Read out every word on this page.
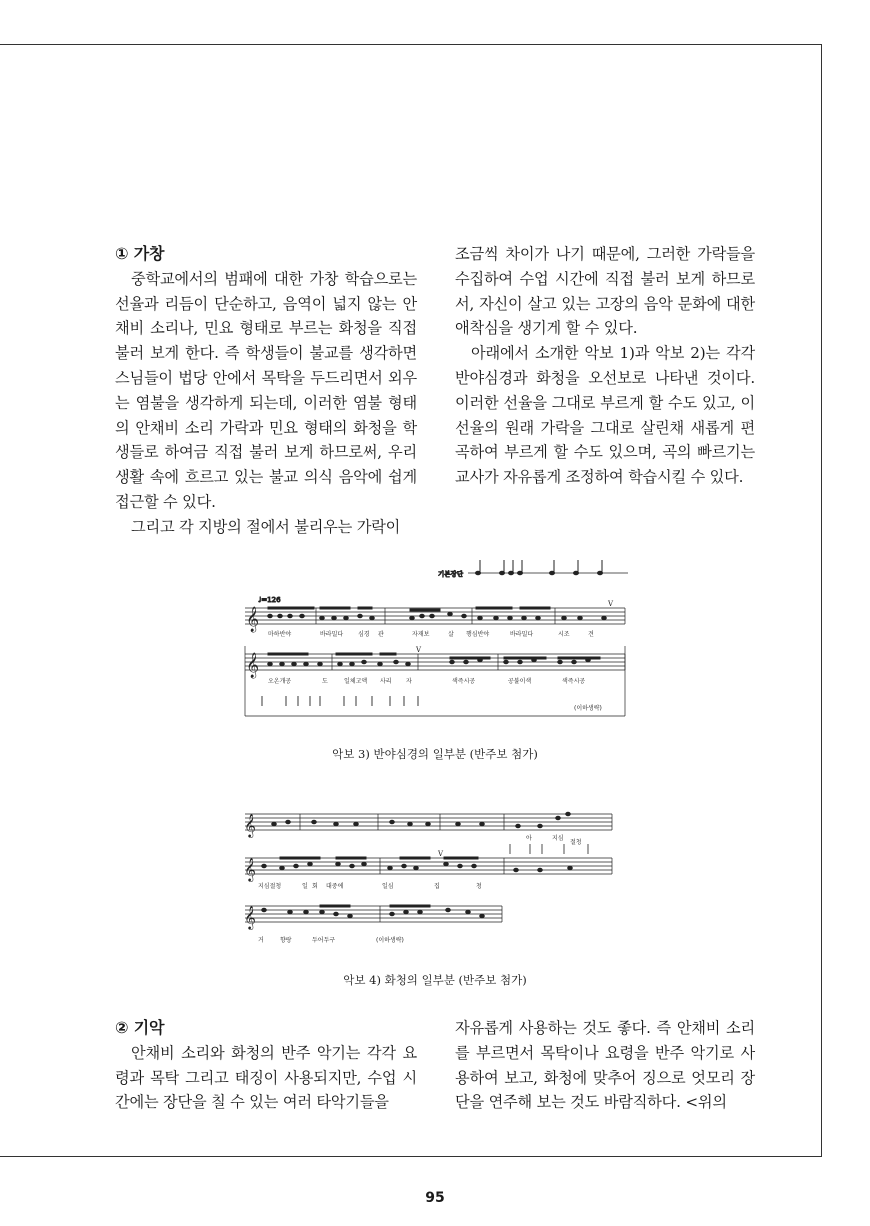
① 가창

중학교에서의 범패에 대한 가창 학습으로는 선율과 리듬이 단순하고, 음역이 넓지 않는 안채비 소리나, 민요 형태로 부르는 화청을 직접 불러 보게 한다. 즉 학생들이 불교를 생각하면 스님들이 법당 안에서 목탁을 두드리면서 외우는 염불을 생각하게 되는데, 이러한 염불 형태의 안채비 소리 가락과 민요 형태의 화청을 학생들로 하여금 직접 불러 보게 하므로써, 우리 생활 속에 흐르고 있는 불교 의식 음악에 쉽게 접근할 수 있다.

그리고 각 지방의 절에서 불리우는 가락이

조금씩 차이가 나기 때문에, 그러한 가락들을 수집하여 수업 시간에 직접 불러 보게 하므로서, 자신이 살고 있는 고장의 음악 문화에 대한 애착심을 생기게 할 수 있다.

아래에서 소개한 악보 1)과 악보 2)는 각각 반야심경과 화청을 오선보로 나타낸 것이다. 이러한 선율을 그대로 부르게 할 수도 있고, 이 선율의 원래 가락을 그대로 살린채 새롭게 편곡하여 부르게 할 수도 있으며, 곡의 빠르기는 교사가 자유롭게 조정하여 학습시킬 수 있다.

기본장단
♩=126
𝄞
V
마하반야	바라밀다 심경 관	자재보	살 행심반야	바라밀다	시조	견
𝄞
V
오온개공	도	일체고액 사리 자	색즉시공	공불이색	색즉시공
(이하생략)
악보 3) 반야심경의 일부분 (반주보 첨가)
𝄞
아	지심
절청
𝄞
V
지심절청	일 회 대중에	일심	집	청
𝄞
거	향랑	두어두구	(이하생략)
악보 4) 화청의 일부분 (반주보 첨가)
② 기악

안채비 소리와 화청의 반주 악기는 각각 요령과 목탁 그리고 태징이 사용되지만, 수업 시간에는 장단을 칠 수 있는 여러 타악기들을

자유롭게 사용하는 것도 좋다. 즉 안채비 소리를 부르면서 목탁이나 요령을 반주 악기로 사용하여 보고, 화청에 맞추어 징으로 엇모리 장단을 연주해 보는 것도 바람직하다. <위의

95
